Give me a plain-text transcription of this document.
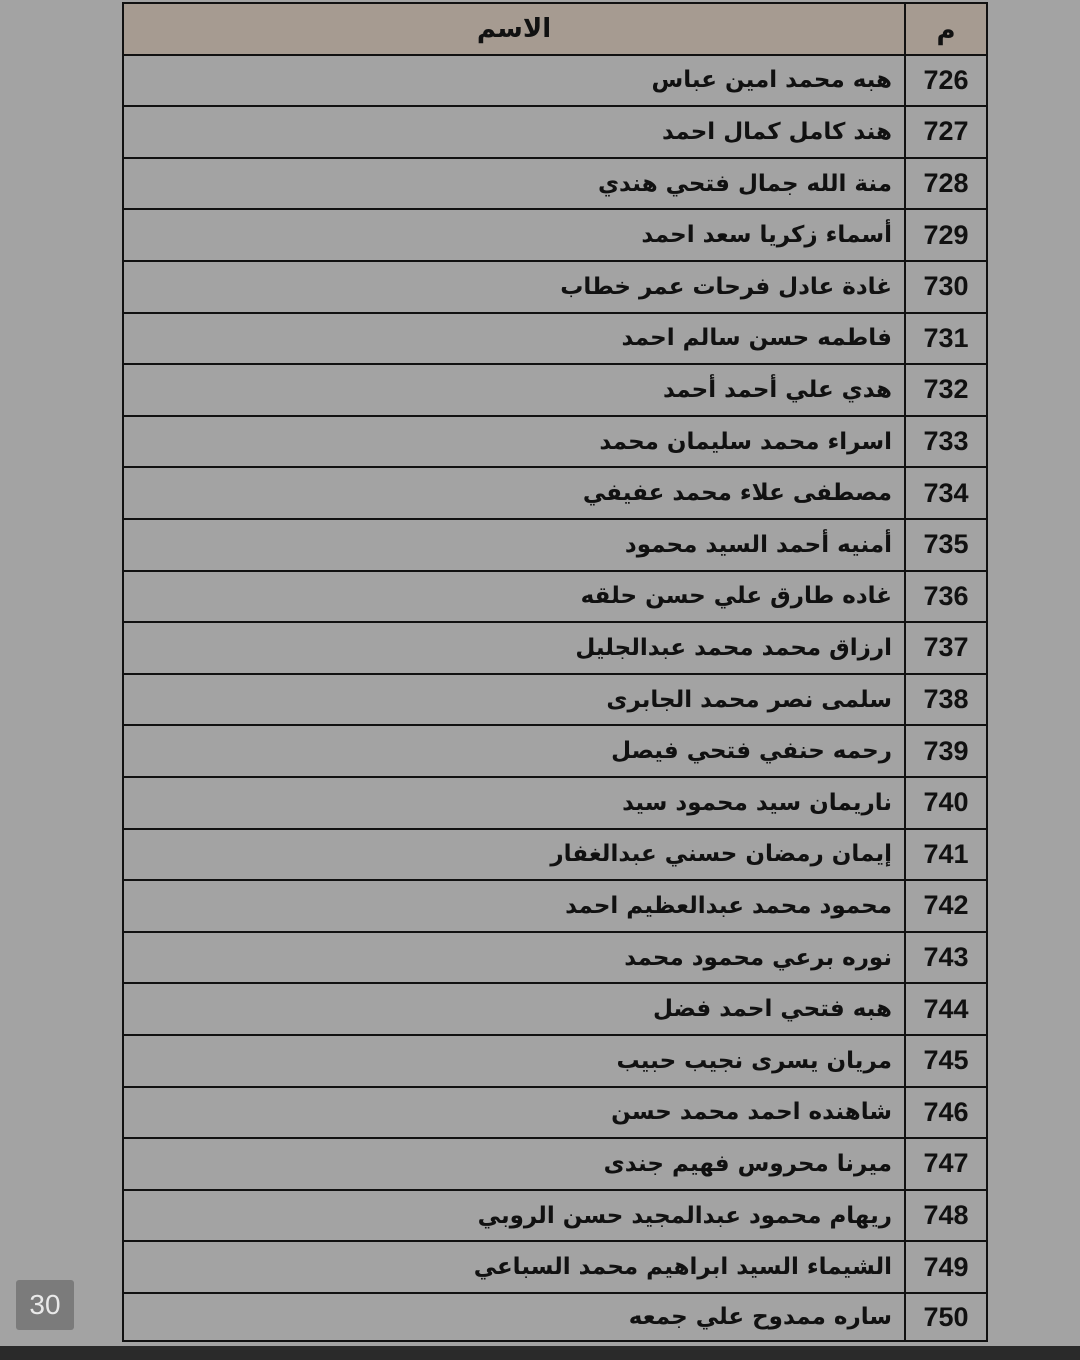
الاسم	م
هبه محمد امين عباس	726
هند كامل كمال احمد	727
منة الله جمال فتحي هندي	728
أسماء زكريا سعد احمد	729
غادة عادل فرحات عمر خطاب	730
فاطمه حسن سالم احمد	731
هدي علي أحمد أحمد	732
اسراء محمد سليمان محمد	733
مصطفى علاء محمد عفيفي	734
أمنيه أحمد السيد محمود	735
غاده طارق علي حسن حلقه	736
ارزاق محمد محمد عبدالجليل	737
سلمى نصر محمد الجابرى	738
رحمه حنفي فتحي فيصل	739
ناريمان سيد محمود سيد	740
إيمان رمضان حسني عبدالغفار	741
محمود محمد عبدالعظيم احمد	742
نوره برعي محمود محمد	743
هبه فتحي احمد فضل	744
مريان يسرى نجيب حبيب	745
شاهنده احمد محمد حسن	746
ميرنا محروس فهيم جندى	747
ريهام محمود عبدالمجيد حسن الروبي	748
الشيماء السيد ابراهيم محمد السباعي	749
ساره ممدوح علي جمعه	750
30
